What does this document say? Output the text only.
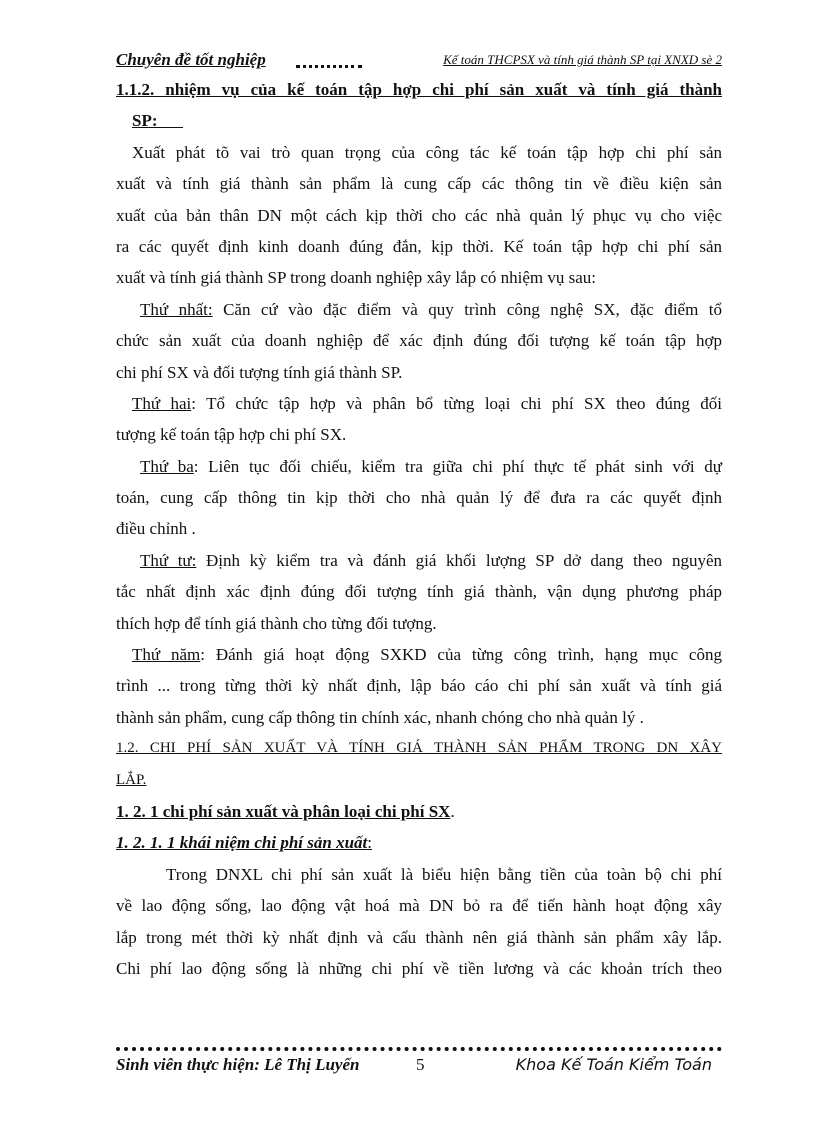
Chuyên đề tốt nghiệp	Kế toán THCPSX và tính giá thành SP tại XNXD sè 2
1.1.2. nhiệm vụ của kế toán tập hợp chi phí sản xuất và tính giá thành
SP:
Xuất phát tõ vai trò quan trọng của công tác kế toán tập hợp chi phí sản
xuất và tính giá thành sản phẩm là cung cấp các thông tin về điều kiện sản
xuất của bản thân DN một cách kịp thời cho các nhà quản lý phục vụ cho việc
ra các quyết định kinh doanh đúng đắn, kịp thời. Kế toán tập hợp chi phí sản
xuất và tính giá thành SP trong doanh nghiệp xây lắp có nhiệm vụ sau:
Thứ nhất: Căn cứ vào đặc điểm và quy trình công nghệ SX, đặc điểm tổ
chức sản xuất của doanh nghiệp để xác định đúng đối tượng kế toán tập hợp
chi phí SX và đối tượng tính giá thành SP.
Thứ hai: Tổ chức tập hợp và phân bổ từng loại chi phí SX theo đúng đối
tượng kế toán tập hợp chi phí SX.
Thứ ba: Liên tục đối chiếu, kiểm tra giữa chi phí thực tế phát sinh với dự
toán, cung cấp thông tin kịp thời cho nhà quản lý để đưa ra các quyết định
điều chỉnh .
Thứ tư: Định kỳ kiểm tra và đánh giá khối lượng SP dở dang theo nguyên
tắc nhất định xác định đúng đối tượng tính giá thành, vận dụng phương pháp
thích hợp để tính giá thành cho từng đối tượng.
Thứ năm: Đánh giá hoạt động SXKD của từng công trình, hạng mục công
trình ... trong từng thời kỳ nhất định, lập báo cáo chi phí sản xuất và tính giá
thành sản phẩm, cung cấp thông tin chính xác, nhanh chóng cho nhà quản lý .
1.2. CHI PHÍ SẢN XUẤT VÀ TÍNH GIÁ THÀNH SẢN PHẨM TRONG DN XÂY
LẮP.
1. 2. 1 chi phí sản xuất và phân loại chi phí SX.
1. 2. 1. 1 khái niệm chi phí sản xuất:
Trong DNXL chi phí sản xuất là biểu hiện bằng tiền của toàn bộ chi phí
về lao động sống, lao động vật hoá mà DN bỏ ra để tiến hành hoạt động xây
lắp trong mét thời kỳ nhất định và cấu thành nên giá thành sản phẩm xây lắp.
Chi phí lao động sống là những chi phí về tiền lương và các khoản trích theo
Sinh viên thực hiện: Lê Thị Luyến	5	Khoa Kế Toán Kiểm Toán
